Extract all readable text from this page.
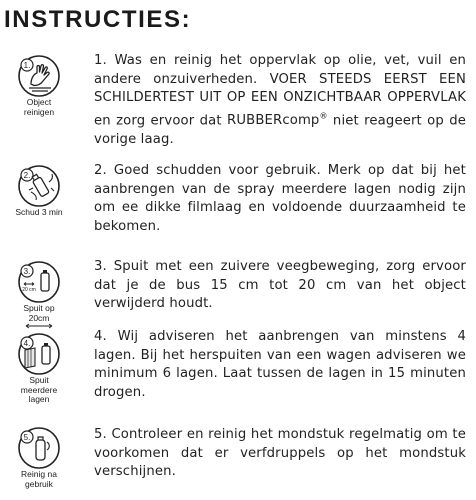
INSTRUCTIES:
1.
Object
reinigen
1. Was en reinig het oppervlak op olie, vet, vuil en andere onzuiverheden. VOER STEEDS EERST EEN SCHILDERTEST UIT OP EEN ONZICHTBAAR OPPERVLAK en zorg ervoor dat RUBBERcomp® niet reageert op de vorige laag.
2.
Schud 3 min
2. Goed schudden voor gebruik. Merk op dat bij het aanbrengen van de spray meerdere lagen nodig zijn om ee dikke filmlaag en voldoende duurzaamheid te bekomen.
3.
20 cm
Spuit op
20cm
3. Spuit met een zuivere veegbeweging, zorg ervoor dat je de bus 15 cm tot 20 cm van het object verwijderd houdt.
4.
Spuit
meerdere
lagen
4. Wij adviseren het aanbrengen van minstens 4 lagen. Bij het herspuiten van een wagen adviseren we minimum 6 lagen. Laat tussen de lagen in 15 minuten drogen.
5.
Reinig na
gebruik
5. Controleer en reinig het mondstuk regelmatig om te voorkomen dat er verfdruppels op het mondstuk verschijnen.
